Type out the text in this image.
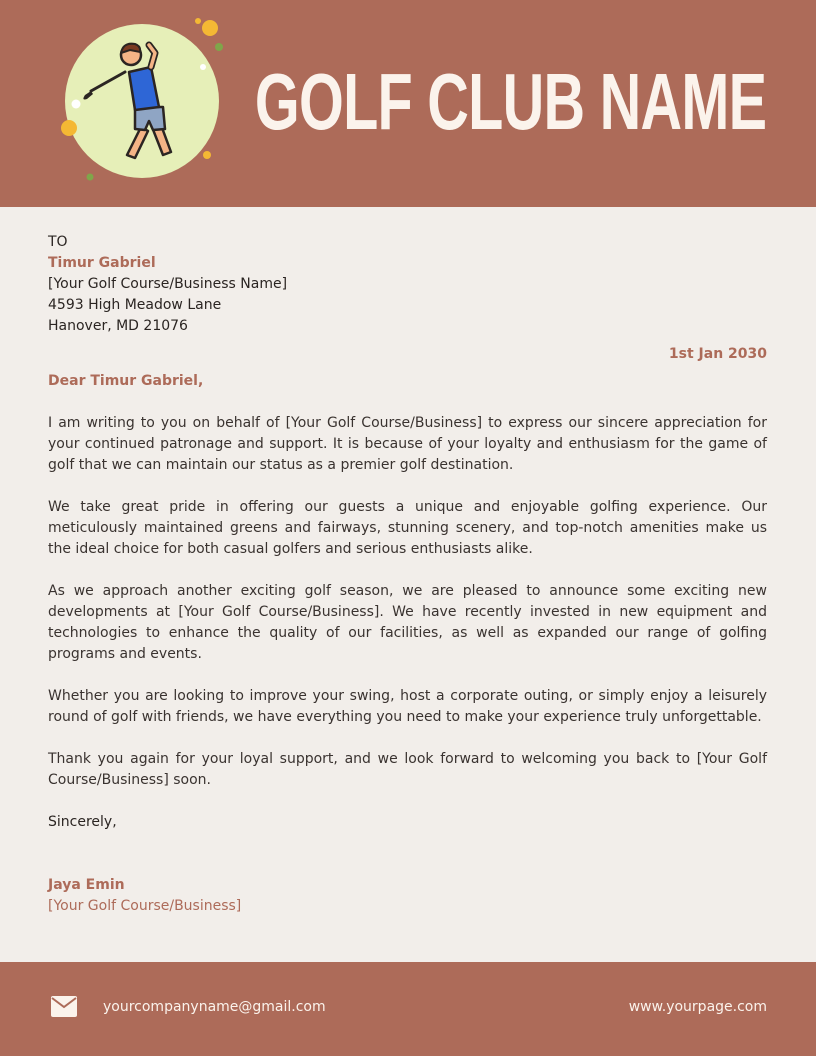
GOLF CLUB NAME
TO
Timur Gabriel
[Your Golf Course/Business Name]
4593 High Meadow Lane
Hanover, MD 21076
1st Jan 2030
Dear Timur Gabriel,

I am writing to you on behalf of [Your Golf Course/Business] to express our sincere appreciation for your continued patronage and support. It is because of your loyalty and enthusiasm for the game of golf that we can maintain our status as a premier golf destination.

We take great pride in offering our guests a unique and enjoyable golfing experience. Our meticulously maintained greens and fairways, stunning scenery, and top-notch amenities make us the ideal choice for both casual golfers and serious enthusiasts alike.

As we approach another exciting golf season, we are pleased to announce some exciting new developments at [Your Golf Course/Business]. We have recently invested in new equipment and technologies to enhance the quality of our facilities, as well as expanded our range of golfing programs and events.

Whether you are looking to improve your swing, host a corporate outing, or simply enjoy a leisurely round of golf with friends, we have everything you need to make your experience truly unforgettable.

Thank you again for your loyal support, and we look forward to welcoming you back to [Your Golf Course/Business] soon.

Sincerely,
Jaya Emin
[Your Golf Course/Business]
yourcompanyname@gmail.com	www.yourpage.com
